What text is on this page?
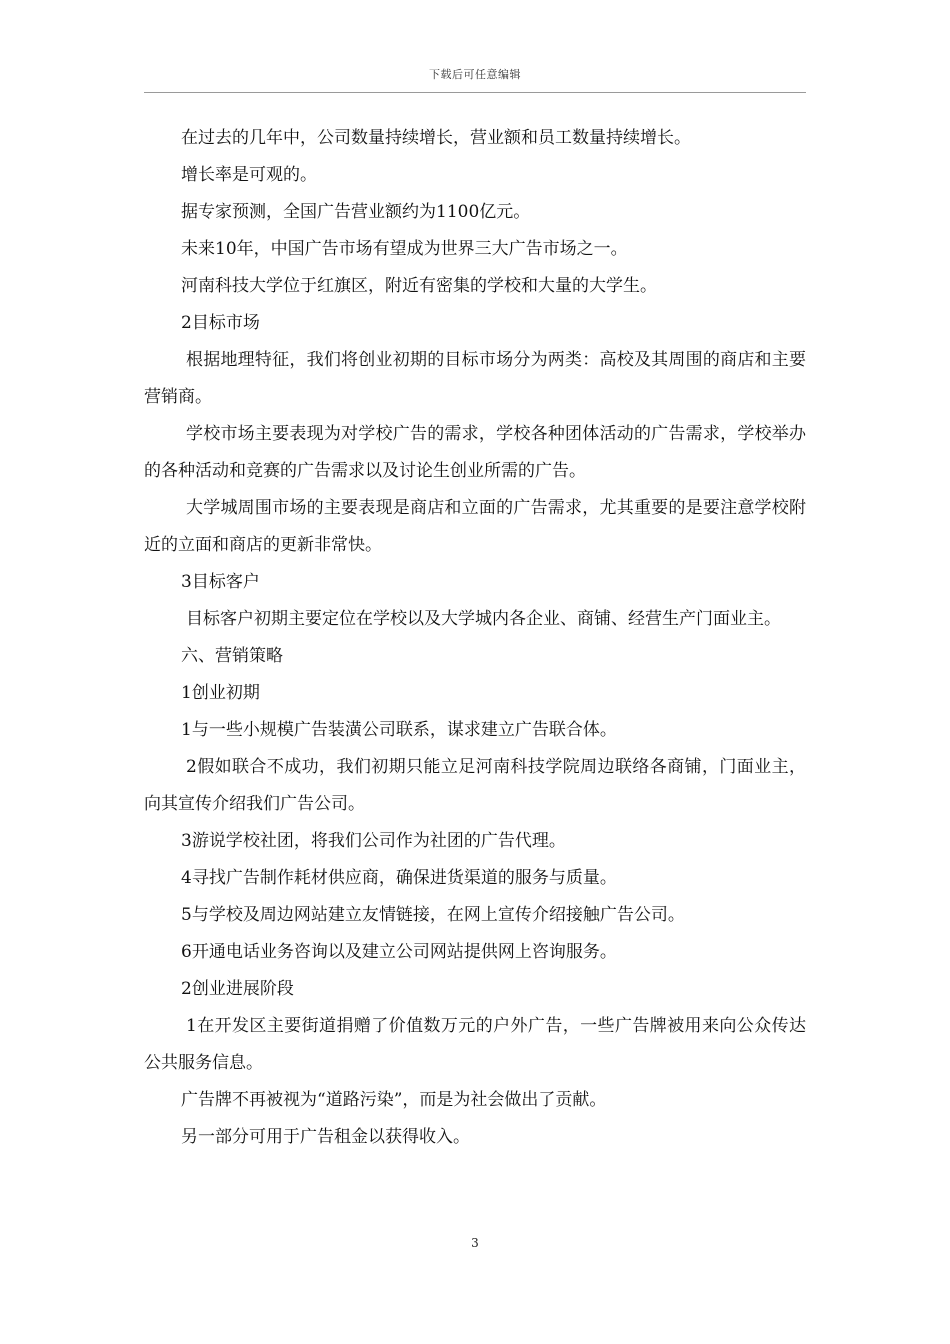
下载后可任意编辑

在过去的几年中，公司数量持续增长，营业额和员工数量持续增长。

增长率是可观的。

据专家预测，全国广告营业额约为1100亿元。

未来10年，中国广告市场有望成为世界三大广告市场之一。

河南科技大学位于红旗区，附近有密集的学校和大量的大学生。

2目标市场

根据地理特征，我们将创业初期的目标市场分为两类：高校及其周围的商店和主要营销商。

学校市场主要表现为对学校广告的需求，学校各种团体活动的广告需求，学校举办的各种活动和竞赛的广告需求以及讨论生创业所需的广告。

大学城周围市场的主要表现是商店和立面的广告需求，尤其重要的是要注意学校附近的立面和商店的更新非常快。

3目标客户

目标客户初期主要定位在学校以及大学城内各企业、商铺、经营生产门面业主。

六、营销策略

1创业初期

1与一些小规模广告装潢公司联系，谋求建立广告联合体。

2假如联合不成功，我们初期只能立足河南科技学院周边联络各商铺，门面业主，向其宣传介绍我们广告公司。

3游说学校社团，将我们公司作为社团的广告代理。

4寻找广告制作耗材供应商，确保进货渠道的服务与质量。

5与学校及周边网站建立友情链接，在网上宣传介绍接触广告公司。

6开通电话业务咨询以及建立公司网站提供网上咨询服务。

2创业进展阶段

1在开发区主要街道捐赠了价值数万元的户外广告，一些广告牌被用来向公众传达公共服务信息。

广告牌不再被视为“道路污染”，而是为社会做出了贡献。

另一部分可用于广告租金以获得收入。

3
